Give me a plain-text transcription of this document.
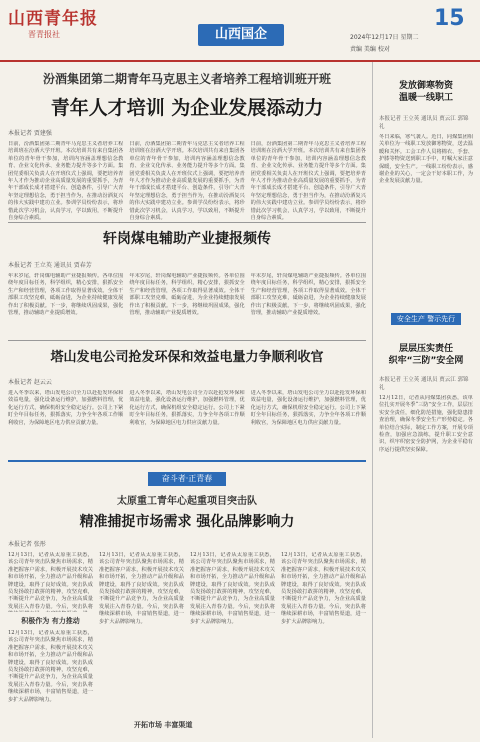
山西青年报
晋青报社	山西国企
15
2024年12月17日 星期二
责编 美编 校对
汾酒集团第二期青年马克思主义者培养工程培训班开班
青年人才培训 为企业发展添动力
本报记者 贾建强
日前，汾酒集团第二期青年马克思主义者培养工程培训班在汾酒大学开班。本次培训共有来自集团各单位的青年骨干参加，培训内容涵盖理想信念教育、企业文化传承、业务能力提升等多个方面。集团党委相关负责人在开班仪式上强调，要把培养青年人才作为推动企业高质量发展的重要抓手，为青年干部成长成才搭建平台、创造条件，引导广大青年坚定理想信念，勇于担当作为，在推动汾酒复兴的伟大实践中建功立业。参训学员纷纷表示，将珍惜此次学习机会，认真学习，学以致用，不断提升自身综合素质。
日前，汾酒集团第二期青年马克思主义者培养工程培训班在汾酒大学开班。本次培训共有来自集团各单位的青年骨干参加，培训内容涵盖理想信念教育、企业文化传承、业务能力提升等多个方面。集团党委相关负责人在开班仪式上强调，要把培养青年人才作为推动企业高质量发展的重要抓手，为青年干部成长成才搭建平台、创造条件，引导广大青年坚定理想信念，勇于担当作为，在推动汾酒复兴的伟大实践中建功立业。参训学员纷纷表示，将珍惜此次学习机会，认真学习，学以致用，不断提升自身综合素质。
日前，汾酒集团第二期青年马克思主义者培养工程培训班在汾酒大学开班。本次培训共有来自集团各单位的青年骨干参加，培训内容涵盖理想信念教育、企业文化传承、业务能力提升等多个方面。集团党委相关负责人在开班仪式上强调，要把培养青年人才作为推动企业高质量发展的重要抓手，为青年干部成长成才搭建平台、创造条件，引导广大青年坚定理想信念，勇于担当作为，在推动汾酒复兴的伟大实践中建功立业。参训学员纷纷表示，将珍惜此次学习机会，认真学习，学以致用，不断提升自身综合素质。
轩岗煤电辅助产业捷报频传
本报记者 王立英 通讯员 贾春芳
年末岁尾，轩岗煤电辅助产业捷报频传。各单位围绕年度目标任务，科学组织，精心安排，狠抓安全生产和经营管理，各项工作取得显著成效。全体干部职工攻坚克难，砥砺奋进，为企业持续健康发展作出了积极贡献。下一步，将继续巩固成果，强化管理，推动辅助产业提质增效。
年末岁尾，轩岗煤电辅助产业捷报频传。各单位围绕年度目标任务，科学组织，精心安排，狠抓安全生产和经营管理，各项工作取得显著成效。全体干部职工攻坚克难，砥砺奋进，为企业持续健康发展作出了积极贡献。下一步，将继续巩固成果，强化管理，推动辅助产业提质增效。
年末岁尾，轩岗煤电辅助产业捷报频传。各单位围绕年度目标任务，科学组织，精心安排，狠抓安全生产和经营管理，各项工作取得显著成效。全体干部职工攻坚克难，砥砺奋进，为企业持续健康发展作出了积极贡献。下一步，将继续巩固成果，强化管理，推动辅助产业提质增效。
塔山发电公司抢发环保和效益电量力争顺利收官
本报记者 赵云云
进入冬季以来，塔山发电公司全力以赴抢发环保和效益电量，强化设备运行维护，加强燃料管理，优化运行方式，确保机组安全稳定运行。公司上下紧盯全年目标任务，狠抓落实，力争全年各项工作顺利收官，为保障地区电力供应贡献力量。
进入冬季以来，塔山发电公司全力以赴抢发环保和效益电量，强化设备运行维护，加强燃料管理，优化运行方式，确保机组安全稳定运行。公司上下紧盯全年目标任务，狠抓落实，力争全年各项工作顺利收官，为保障地区电力供应贡献力量。
进入冬季以来，塔山发电公司全力以赴抢发环保和效益电量，强化设备运行维护，加强燃料管理，优化运行方式，确保机组安全稳定运行。公司上下紧盯全年目标任务，狠抓落实，力争全年各项工作顺利收官，为保障地区电力供应贡献力量。
奋斗者·正青春
太原重工青年心起重项目突击队
精准捕捉市场需求 强化品牌影响力
本报记者 张彤
12月13日，记者从太原重工获悉，该公司青年突击队聚焦市场需求，精准把握客户需求，积极开展技术攻关和市场开拓，全力推动产品升级和品牌建设，取得了良好成效。突击队成员发扬敢打敢拼的精神，攻坚克难，不断提升产品竞争力，为企业高质量发展注入青春力量。今后，突击队将
积极作为 有力推动
12月13日，记者从太原重工获悉，该公司青年突击队聚焦市场需求，精准把握客户需求，积极开展技术攻关和市场开拓，全力推动产品升级和品牌建设，取得了良好成效。突击队成员发扬敢打敢拼的精神，攻坚克难，不断提升产品竞争力，为企业高质量发展注入青春力量。今后，突击队将继续深耕市场，丰富销售渠道，进一步扩大品牌影响力。
12月13日，记者从太原重工获悉，该公司青年突击队聚焦市场需求，精准把握客户需求，积极开展技术攻关和市场开拓，全力推动产品升级和品牌建设，取得了良好成效。突击队成员发扬敢打敢拼的精神，攻坚克难，不断提升产品竞争力，为企业高质量发展注入青春力量。今后，突击队将继续深耕市场，丰富销售渠道，进一步扩大品牌影响力。
12月13日，记者从太原重工获悉，该公司青年突击队聚焦市场需求，精准把握客户需求，积极开展技术攻关和市场开拓，全力推动产品升级和品牌建设，取得了良好成效。突击队成员发扬敢打敢拼的精神，攻坚克难，不断提升产品竞争力，为企业高质量发展注入青春力量。今后，突击队将继续深耕市场，丰富销售渠道，进一步扩大品牌影响力。
12月13日，记者从太原重工获悉，该公司青年突击队聚焦市场需求，精准把握客户需求，积极开展技术攻关和市场开拓，全力推动产品升级和品牌建设，取得了良好成效。突击队成员发扬敢打敢拼的精神，攻坚克难，不断提升产品竞争力，为企业高质量发展注入青春力量。今后，突击队将继续深耕市场，丰富销售渠道，进一步扩大品牌影响力。
开拓市场 丰富渠道
发放御寒物资
温暖一线职工
本报记者 王立英 通讯员 贾云江 郭锦礼
冬日来临，寒气袭人。近日，同煤集团相关单位为一线职工发放御寒物资，送去温暖和关怀。工会工作人员将棉衣、手套、护膝等物资送到职工手中，叮嘱大家注意保暖，安全生产。一线职工纷纷表示，感谢企业的关心，一定会干好本职工作，为企业发展贡献力量。
安全生产 警示先行
层层压实责任
织牢“三防”安全网
本报记者 王立英 通讯员 贾云江 郭锦礼
12月12日，记者从同煤集团获悉，该单位扎实开展冬季“三防”安全工作，层层压实安全责任，细化防范措施，强化隐患排查治理，确保冬季安全生产形势稳定。各单位结合实际，制定工作方案，开展专项检查，加强应急演练，提升职工安全意识，织牢织密安全防护网，为企业平稳有序运行提供坚实保障。
